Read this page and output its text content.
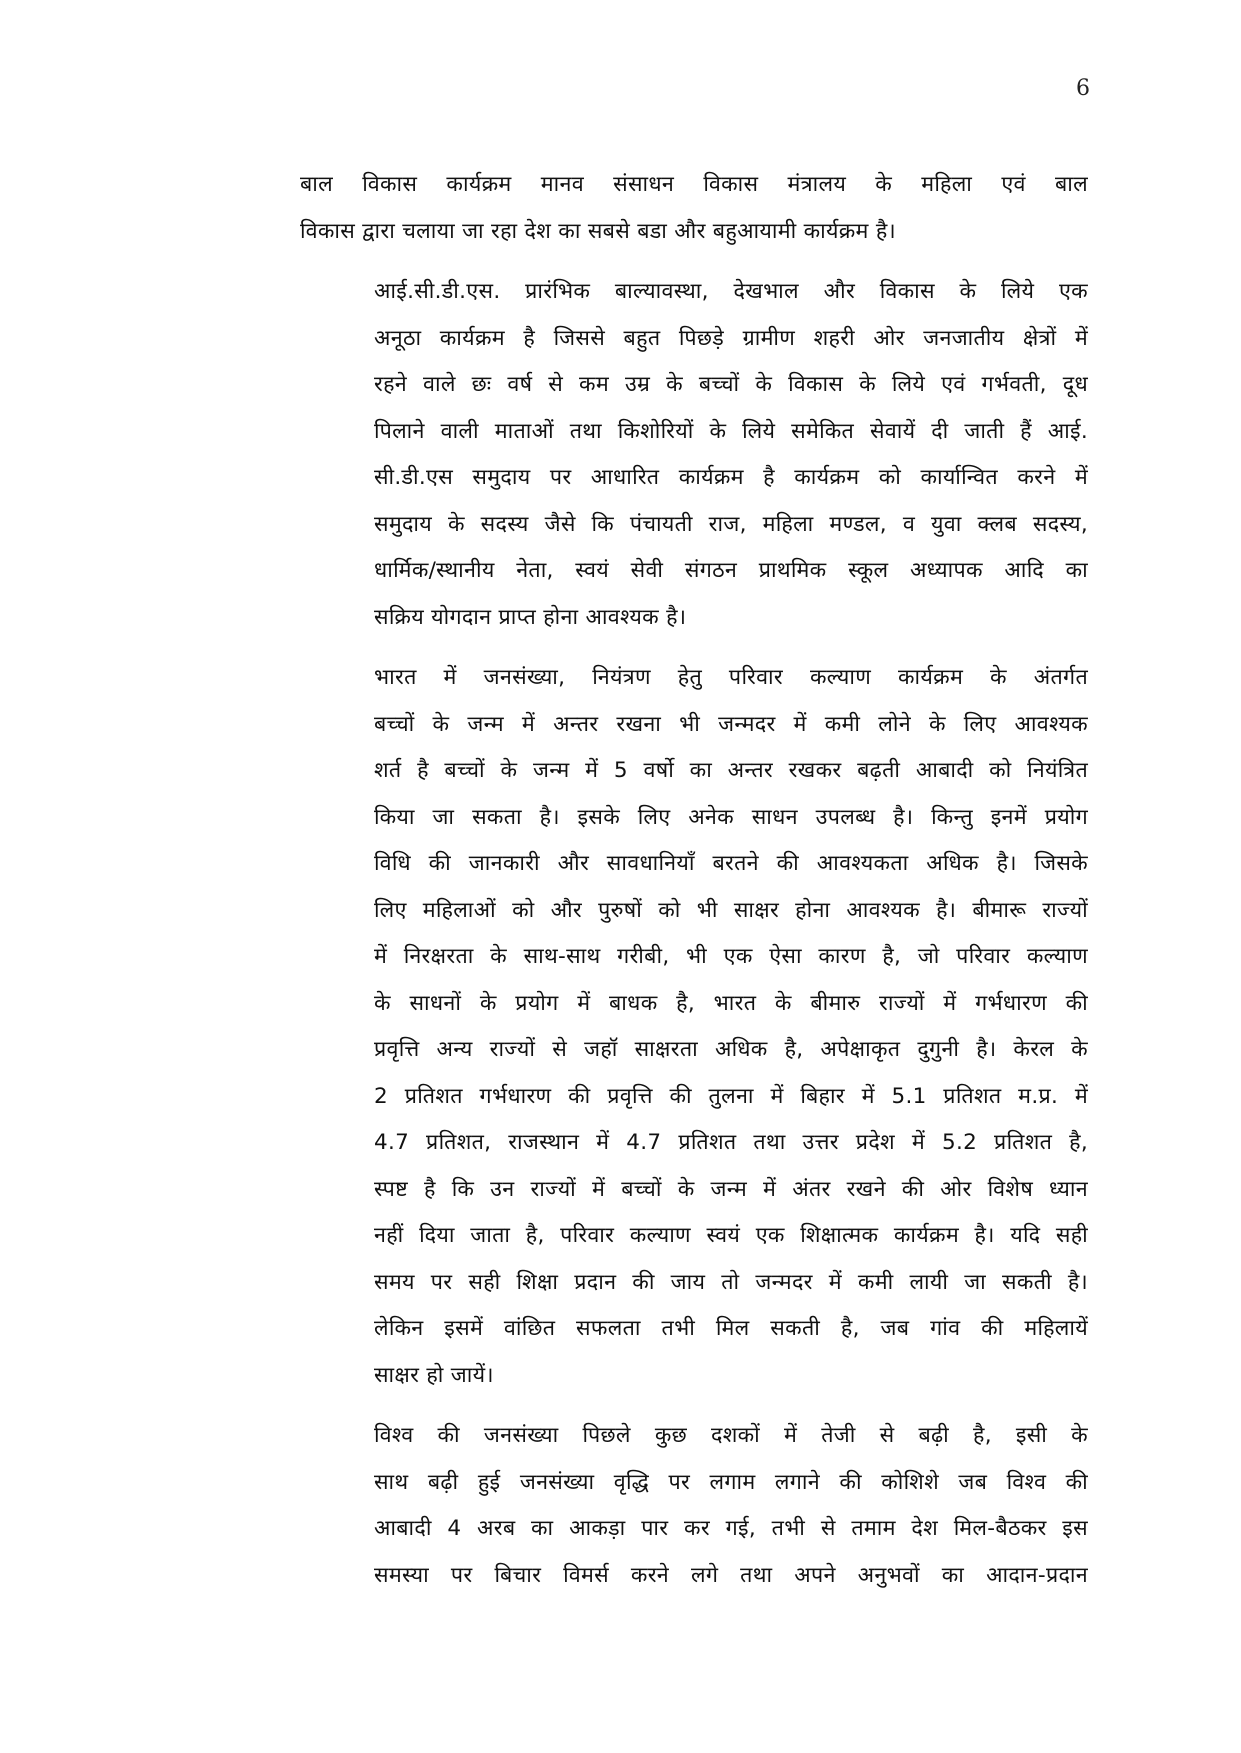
6
बाल विकास कार्यक्रम मानव संसाधन विकास मंत्रालय के महिला एवं बाल
विकास द्वारा चलाया जा रहा देश का सबसे बडा और बहुआयामी कार्यक्रम है।
आई.सी.डी.एस. प्रारंभिक बाल्यावस्था, देखभाल और विकास के लिये एक
अनूठा कार्यक्रम है जिससे बहुत पिछड़े ग्रामीण शहरी ओर जनजातीय क्षेत्रों में
रहने वाले छः वर्ष से कम उम्र के बच्चों के विकास के लिये एवं गर्भवती, दूध
पिलाने वाली माताओं तथा किशोरियों के लिये समेकित सेवायें दी जाती हैं आई.
सी.डी.एस समुदाय पर आधारित कार्यक्रम है कार्यक्रम को कार्यान्वित करने में
समुदाय के सदस्य जैसे कि पंचायती राज, महिला मण्डल, व युवा क्लब सदस्य,
धार्मिक/स्थानीय नेता, स्वयं सेवी संगठन प्राथमिक स्कूल अध्यापक आदि का
सक्रिय योगदान प्राप्त होना आवश्यक है।
भारत में जनसंख्या, नियंत्रण हेतु परिवार कल्याण कार्यक्रम के अंतर्गत
बच्चों के जन्म में अन्तर रखना भी जन्मदर में कमी लोने के लिए आवश्यक
शर्त है बच्चों के जन्म में 5 वर्षो का अन्तर रखकर बढ़ती आबादी को नियंत्रित
किया जा सकता है। इसके लिए अनेक साधन उपलब्ध है। किन्तु इनमें प्रयोग
विधि की जानकारी और सावधानियाँ बरतने की आवश्यकता अधिक है। जिसके
लिए महिलाओं को और पुरुषों को भी साक्षर होना आवश्यक है। बीमारू राज्यों
में निरक्षरता के साथ-साथ गरीबी, भी एक ऐसा कारण है, जो परिवार कल्याण
के साधनों के प्रयोग में बाधक है, भारत के बीमारु राज्यों में गर्भधारण की
प्रवृत्ति अन्य राज्यों से जहॉ साक्षरता अधिक है, अपेक्षाकृत दुगुनी है। केरल के
2 प्रतिशत गर्भधारण की प्रवृत्ति की तुलना में बिहार में 5.1 प्रतिशत म.प्र. में
4.7 प्रतिशत, राजस्थान में 4.7 प्रतिशत तथा उत्तर प्रदेश में 5.2 प्रतिशत है,
स्पष्ट है कि उन राज्यों में बच्चों के जन्म में अंतर रखने की ओर विशेष ध्यान
नहीं दिया जाता है, परिवार कल्याण स्वयं एक शिक्षात्मक कार्यक्रम है। यदि सही
समय पर सही शिक्षा प्रदान की जाय तो जन्मदर में कमी लायी जा सकती है।
लेकिन इसमें वांछित सफलता तभी मिल सकती है, जब गांव की महिलायें
साक्षर हो जायें।
विश्व की जनसंख्या पिछले कुछ दशकों में तेजी से बढ़ी है, इसी के
साथ बढ़ी हुई जनसंख्या वृद्धि पर लगाम लगाने की कोशिशे जब विश्व की
आबादी 4 अरब का आकड़ा पार कर गई, तभी से तमाम देश मिल-बैठकर इस
समस्या पर बिचार विमर्स करने लगे तथा अपने अनुभवों का आदान-प्रदान
